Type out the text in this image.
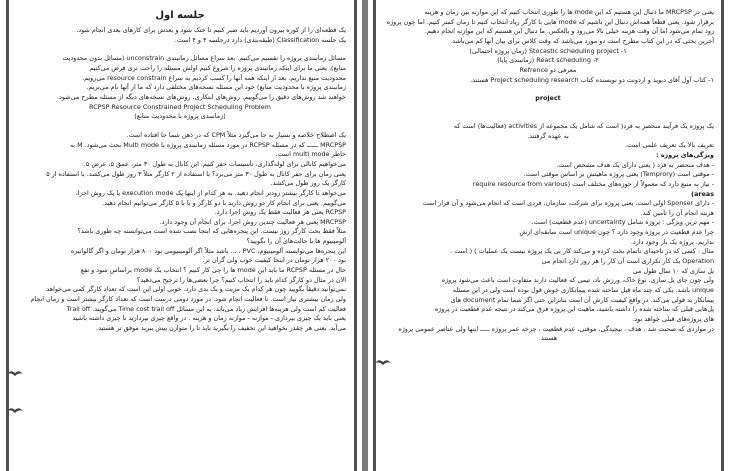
جلسه اول
یک قطعه‌ای را از کوره بیرون آوردیم باید صبر کنیم تا خنک شود و بعدش برای کارهای بعدی انجام شود.
یک جلسه Classification (طبقه‌بندی) دارد درجلسه ۳ و ۴ است.
مسائل زمانبندی پروژه را تقسیم می‌کنیم. بعد سراغ مسائل زمانبندی unconstrain (مسائل بدون محدودیت
منابع)، یعنی ما برای اینکه زمانبندی پروژه را شروع کنیم اولش مسئله را راحت تری فرض می‌کنیم
محدودیت منبع نداریم. بعد از اینکه همه آنها را کسب کردیم به سراغ resource constrain می‌رویم.
زمانبندی پروژه با محدودیت منابع) خود این مسئله نسخه‌های مختلفی دارد که ما از آنها نام می‌بریم.
خواهند شد روش‌های دقیق را می‌گوییم، روش‌های ابتکاری، روش‌های نسخه‌های دیگه از مسئله مطرح می‌شود.
RCPSP Resource Constrained Project Scheduling Problem
(زمانبندی پروژه با محدودیت منابع)
یک اصطلاح خلاصه و بسیار به جا می‌گیرد مثلاً CPM که در ذهن شما جا افتاده است.
MRCPSP ــــــ که در مسئله RCPSP در مورد مسئله زمانبندی پروژه با Multi mode بحث می‌شود. M به
خاطر multi mode است.
می‌خواهیم کانالی برای لوله‌گذاری، تأسیسات حفر کنیم. این کانال به طول ۳۰ متر، عمق ۵، عرض ۰.۵
یعنی زمان برای حفر کانال به طول ۳۰ متر می‌برد؟ با استفاده از ۲ کارگر مثلاً ۳ روز طول می‌کشد. با استفاده از ۵
کارگر یک روز طول می‌کشد.
می‌خواهد تا کارگر بیشتر زودتر انجام دهید. به هر کدام از اینها یک execution mode یا یک روش اجرا،
می‌گوییم. یعنی برای انجام کار دو روش دارید با دو کارگر و یا با ۵ کارگر می‌توانیم انجام دهید.
RCPSP یعنی هر فعالیت فقط یک روش اجرا دارد.
MRCPSP یعنی هر فعالیت چندین روش اجرا، برای انجام آن وجود دارد.
مثلاً فقط بحث کارگر روز نیست. این پنجره‌هایی که اینجا نصب شده است می‌توانسته چه طوری باشد؟
آلومینیوم ها یا حالت‌های آن را بگویید؟
این پنجره‌ها می‌توانسته آلومینیوم، PVC ، ... باشد مثلاً اگر آلومینیومی بود ۸۰۰ هزار تومان و اگر گالوانیزه
بود ۲۰۰ هزار تومان در اینجا کیفیت خوب ولی گران تر.
حال در مسئله RCPSP ما باید این mode ها را چی کار کنیم ؟ انتخاب یک mode براساس سود و نفع
الان در مثال دو کارگر کدام باید را انتخاب کنیم؟ چرا بعضی‌ها را ترجیح می‌دهید؟
نمی‌توانید دقیقاً بگویید چون هر کدام یک مزیت و یک بدی دارد. خوبی اولی این است که تعداد کارگر کمی می‌خواهد
ولی زمان بیشتری نیاز است. تا فعالیت انجام شود. در مورد دومی درست است که تعداد کارگر بیشتر است و زمان انجام
فعالیت کم است ولی هزینه‌ها افزایش زیاد می‌یابد. به این مسائل Time cost trail off می‌گویند. Trail off
یعنی باید یک چیزی بپردازی - موازنه - موازنه زمان و هزینه . در واقع چیزی بپردازید تا چیزی داشته باشید
می‌آید. یعنی هر چقدر بخواهید این تخفیف را بگیرید باید تا را متوازن پیش ببرید موفق تر هستید.
یعنی در MRCPSP ما دنبال این هستیم که این mode ها را طوری انتخاب کنیم که این موازنه بین زمان و هزینه
برقرار شود. یعنی قطعاً همه‌اش دنبال این باشیم که mode هایی با کارگر زیاد انتخاب کنیم تا زمان کمتر کنیم. اما چون پروژه
زود تمام می‌شود اما آن وقت هزینه خیلی بالا می‌رود و بالعکس. ما دنبال این هستیم که این موازنه انجام دهیم.
آخرین بحثی که در این کتاب مطرح است دو مورد می‌باشد که وقت کلاس برای بیان آنها کم می‌باشد.
۱- Stocastic scheduling project (زمان پروژه احتمالی)
۲- React scheduling (زمانبندی پایا)
معرفی دو Refrence
۱- کتاب آول آقای دیوید و اردونت دو نویسنده کتاب Project scheduling research هستند.
project
یک پروژه یک فرآیند منحصر به فرد( است که شامل یک مجموعه از activities (فعالیت‌ها) است که
به عهده گرفتند.
تعریف بالا یک تعریف علمی است.
ویژگی‌های پروژه :
- هدف منحصر به فرد ( یعنی دارای یک هدف مشخص است.
- موقتی است (Temprory) یعنی پروژه ماهیتش بر اساس موقتی است.
- نیاز به منبع دارد که معمولاً از حوزه‌های مختلف است (require resource from various
areas)
- دارای Sponser اولی است، یعنی پروژه برای شرکت، سازمان، فردی است که انجام می‌شود و آن قرار است
هزینه انجام آن را تأمین کند.
- مهم ترین ویژگی : پروژه شامل uncertainty (عدم قطعیت) است.
چرا عدم قطعیت در پروژه وجود دارد ؟ چون unique است سابقه‌ای ازش
نداریم. پروژه یک بار وجود دارد.
مثال : کسی که در ناحیه‌ای ناتمام بخت کرده و می‌کند کار بی یک پروژه نیست یک عملیات ) ( است .
Operation یک کار تکراری است آن کار را هر روز دارد انجام می
پل سازی که ۱۰ سال طول می
ولی چون جای پل سازی، نوع خاک، ورزش باد، تیمی که فعالیت دارند متفاوت است باعث می‌شود پروژه
unique باشد. یکی که چند ماه قبل ساخته شده پیمانکاری خوش قول بوده است ولی در این مسئله
پیمانکار بد قولی می‌کند. در واقع کیفیت کارش آن است بنابراین حتی اگر شما تمام document های
پل‌هایی قبلی که ساخته شده را داشته باشید، ماهیت این پروژه فرق می‌کند در نتیجه عدم قطعیت در پروژه
های پروژه‌های قبلی خواهد بود.
در مواردی که صحبت شد . هدف ، بیچیدگی، موقتی، عدم قطعیت ، چرخه عمر پروژه ـــــ اینها ولی عناصر عمومی پروژه
هستند.
